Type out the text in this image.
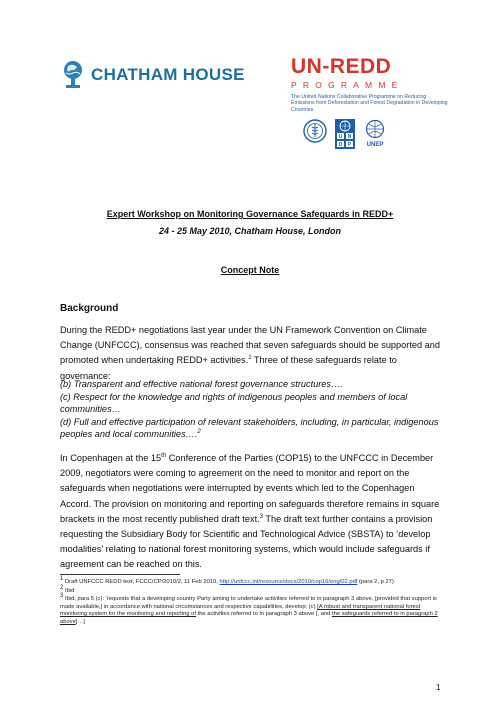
CHATHAM HOUSE UN-REDD
PROGRAMME
The United Nations Collaborative Programme on Reducing Emissions from Deforestation and Forest Degradation in Developing Countries
U N
D P	UNEP
Expert Workshop on Monitoring Governance Safeguards in REDD+
24 - 25 May 2010, Chatham House, London
Concept Note
Background
During the REDD+ negotiations last year under the UN Framework Convention on Climate Change (UNFCCC), consensus was reached that seven safeguards should be supported and promoted when undertaking REDD+ activities.$^1$ Three of these safeguards relate to governance:
(b) Transparent and effective national forest governance structures….
(c) Respect for the knowledge and rights of indigenous peoples and members of local communities…
(d) Full and effective participation of relevant stakeholders, including, in particular, indigenous peoples and local communities….$^2$
In Copenhagen at the 15th Conference of the Parties (COP15) to the UNFCCC in December 2009, negotiators were coming to agreement on the need to monitor and report on the safeguards when negotiations were interrupted by events which led to the Copenhagen Accord. The provision on monitoring and reporting on safeguards therefore remains in square brackets in the most recently published draft text.$^3$ The draft text further contains a provision requesting the Subsidiary Body for Scientific and Technological Advice (SBSTA) to ‘develop modalities’ relating to national forest monitoring systems, which would include safeguards if agreement can be reached on this.
$^1$ Draft UNFCCC REDD text, FCCC/CP/2010/2, 11 Feb 2010, http://unfccc.int/resource/docs/2010/cop16/eng/02.pdf (para 2, p 27)
$^2$ Ibid
$^3$ Ibid, para 5 (c): ‘requests that a developing country Party aiming to undertake activities referred to in paragraph 3 above, [provided that support is made available,] in accordance with national circumstances and respective capabilities, develop: (c) [A robust and transparent national forest monitoring system for the monitoring and reporting of the activities referred to in paragraph 3 above [, and the safeguards referred to in paragraph 2 above]…]
1
